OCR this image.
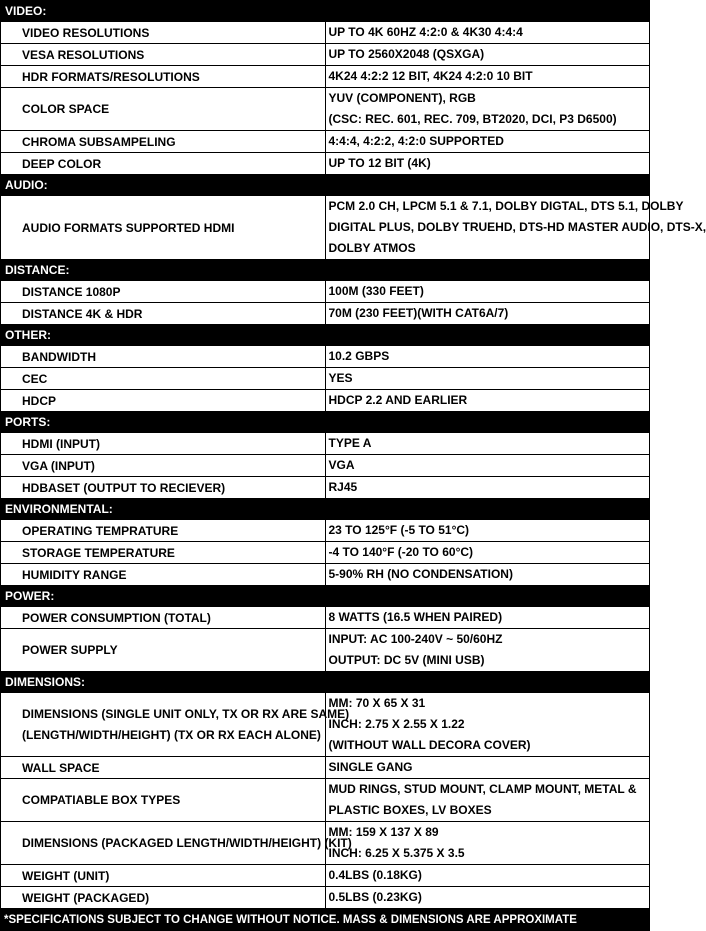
VIDEO:	
VIDEO RESOLUTIONS	UP TO 4K 60HZ 4:2:0 & 4K30 4:4:4

VESA RESOLUTIONS	UP TO 2560X2048 (QSXGA)

HDR FORMATS/RESOLUTIONS	4K24 4:2:2 12 BIT, 4K24 4:2:0 10 BIT

COLOR SPACE	YUV (COMPONENT), RGB
(CSC: REC. 601, REC. 709, BT2020, DCI, P3 D6500)

CHROMA SUBSAMPELING	4:4:4, 4:2:2, 4:2:0 SUPPORTED

DEEP COLOR	UP TO 12 BIT (4K)

AUDIO:	
AUDIO FORMATS SUPPORTED HDMI	PCM 2.0 CH, LPCM 5.1 & 7.1, DOLBY DIGTAL, DTS 5.1, DOLBY
DIGITAL PLUS, DOLBY TRUEHD, DTS-HD MASTER AUDIO, DTS-X,
DOLBY ATMOS

DISTANCE:	
DISTANCE 1080P	100M (330 FEET)

DISTANCE 4K & HDR	70M (230 FEET)(WITH CAT6A/7)

OTHER:	
BANDWIDTH	10.2 GBPS

CEC	YES

HDCP	HDCP 2.2 AND EARLIER

PORTS:	
HDMI (INPUT)	TYPE A

VGA (INPUT)	VGA

HDBASET (OUTPUT TO RECIEVER)	RJ45

ENVIRONMENTAL:	
OPERATING TEMPRATURE	23 TO 125°F (-5 TO 51°C)

STORAGE TEMPERATURE	-4 TO 140°F (-20 TO 60°C)

HUMIDITY RANGE	5-90% RH (NO CONDENSATION)

POWER:	
POWER CONSUMPTION (TOTAL)	8 WATTS (16.5 WHEN PAIRED)

POWER SUPPLY	INPUT: AC 100-240V ~ 50/60HZ
OUTPUT: DC 5V (MINI USB)

DIMENSIONS:	

DIMENSIONS (SINGLE UNIT ONLY, TX OR RX ARE SAME)
(LENGTH/WIDTH/HEIGHT) (TX OR RX EACH ALONE)	MM: 70 X 65 X 31
INCH: 2.75 X 2.55 X 1.22
(WITHOUT WALL DECORA COVER)

WALL SPACE	SINGLE GANG

COMPATIABLE BOX TYPES	MUD RINGS, STUD MOUNT, CLAMP MOUNT, METAL &
PLASTIC BOXES, LV BOXES

DIMENSIONS (PACKAGED LENGTH/WIDTH/HEIGHT) (KIT)	MM: 159 X 137 X 89
INCH: 6.25 X 5.375 X 3.5

WEIGHT (UNIT)	0.4LBS (0.18KG)

WEIGHT (PACKAGED)	0.5LBS (0.23KG)

*SPECIFICATIONS SUBJECT TO CHANGE WITHOUT NOTICE. MASS & DIMENSIONS ARE APPROXIMATE	
